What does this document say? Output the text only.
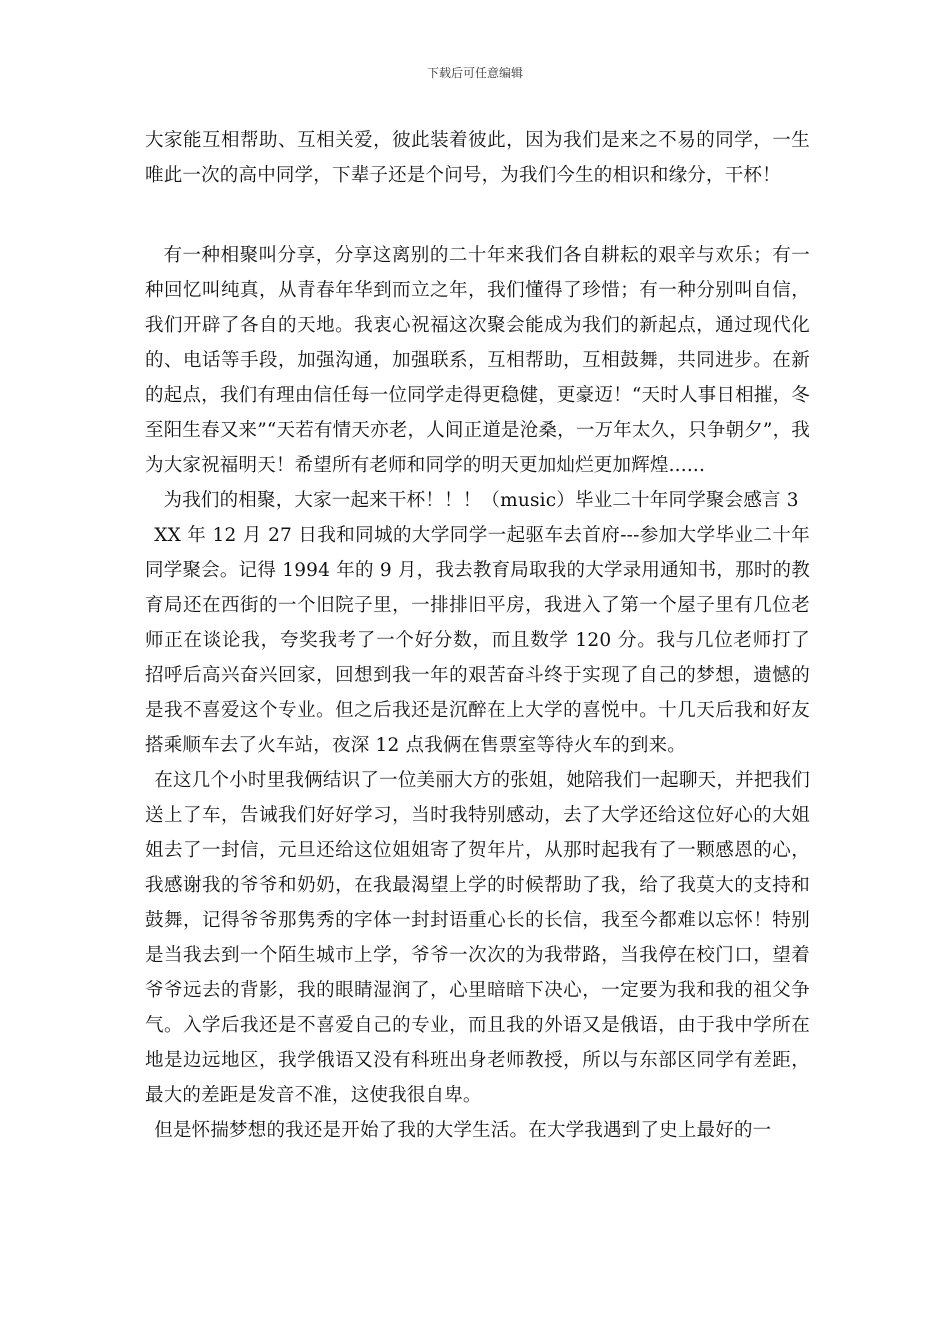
下载后可任意编辑

大家能互相帮助、互相关爱，彼此装着彼此，因为我们是来之不易的同学，一生唯此一次的高中同学，下辈子还是个问号，为我们今生的相识和缘分，干杯！

有一种相聚叫分享，分享这离别的二十年来我们各自耕耘的艰辛与欢乐；有一种回忆叫纯真，从青春年华到而立之年，我们懂得了珍惜；有一种分别叫自信，我们开辟了各自的天地。我衷心祝福这次聚会能成为我们的新起点，通过现代化的、电话等手段，加强沟通，加强联系，互相帮助，互相鼓舞，共同进步。在新的起点，我们有理由信任每一位同学走得更稳健，更豪迈！“天时人事日相摧，冬至阳生春又来”“天若有情天亦老，人间正道是沧桑，一万年太久，只争朝夕”，我为大家祝福明天！希望所有老师和同学的明天更加灿烂更加辉煌......

为我们的相聚，大家一起来干杯！！！（music）毕业二十年同学聚会感言 3

XX 年 12 月 27 日我和同城的大学同学一起驱车去首府---参加大学毕业二十年同学聚会。记得 1994 年的 9 月，我去教育局取我的大学录用通知书，那时的教育局还在西街的一个旧院子里，一排排旧平房，我进入了第一个屋子里有几位老师正在谈论我，夸奖我考了一个好分数，而且数学 120 分。我与几位老师打了招呼后高兴奋兴回家，回想到我一年的艰苦奋斗终于实现了自己的梦想，遗憾的是我不喜爱这个专业。但之后我还是沉醉在上大学的喜悦中。十几天后我和好友搭乘顺车去了火车站，夜深 12 点我俩在售票室等待火车的到来。

在这几个小时里我俩结识了一位美丽大方的张姐，她陪我们一起聊天，并把我们送上了车，告诫我们好好学习，当时我特别感动，去了大学还给这位好心的大姐姐去了一封信，元旦还给这位姐姐寄了贺年片，从那时起我有了一颗感恩的心，我感谢我的爷爷和奶奶，在我最渴望上学的时候帮助了我，给了我莫大的支持和鼓舞，记得爷爷那隽秀的字体一封封语重心长的长信，我至今都难以忘怀！特别是当我去到一个陌生城市上学，爷爷一次次的为我带路，当我停在校门口，望着爷爷远去的背影，我的眼睛湿润了，心里暗暗下决心，一定要为我和我的祖父争气。入学后我还是不喜爱自己的专业，而且我的外语又是俄语，由于我中学所在地是边远地区，我学俄语又没有科班出身老师教授，所以与东部区同学有差距，最大的差距是发音不准，这使我很自卑。

但是怀揣梦想的我还是开始了我的大学生活。在大学我遇到了史上最好的一
